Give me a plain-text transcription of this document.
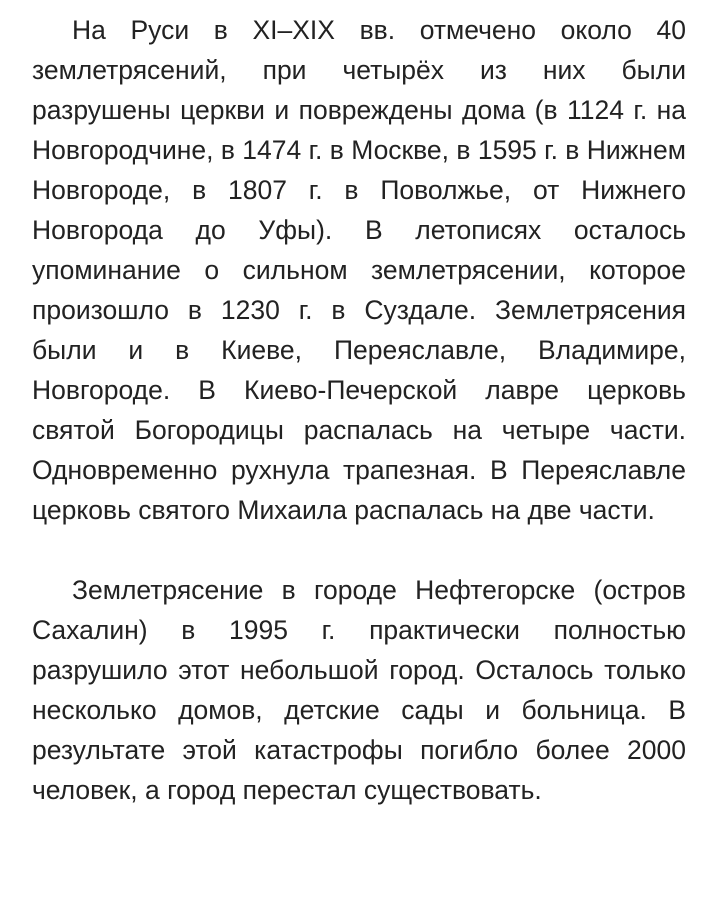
На Руси в XI–XIX вв. отмечено около 40 землетрясений, при четырёх из них были разрушены церкви и повреждены дома (в 1124 г. на Новгородчине, в 1474 г. в Москве, в 1595 г. в Нижнем Новгороде, в 1807 г. в Поволжье, от Нижнего Новгорода до Уфы). В летописях осталось упоминание о сильном землетрясении, которое произошло в 1230 г. в Суздале. Землетрясения были и в Киеве, Переяславле, Владимире, Новгороде. В Киево-Печерской лавре церковь святой Богородицы распалась на четыре части. Одновременно рухнула трапезная. В Переяславле церковь святого Михаила распалась на две части.

Землетрясение в городе Нефтегорске (остров Сахалин) в 1995 г. практически полностью разрушило этот небольшой город. Осталось только несколько домов, детские сады и больница. В результате этой катастрофы погибло более 2000 человек, а город перестал существовать.
